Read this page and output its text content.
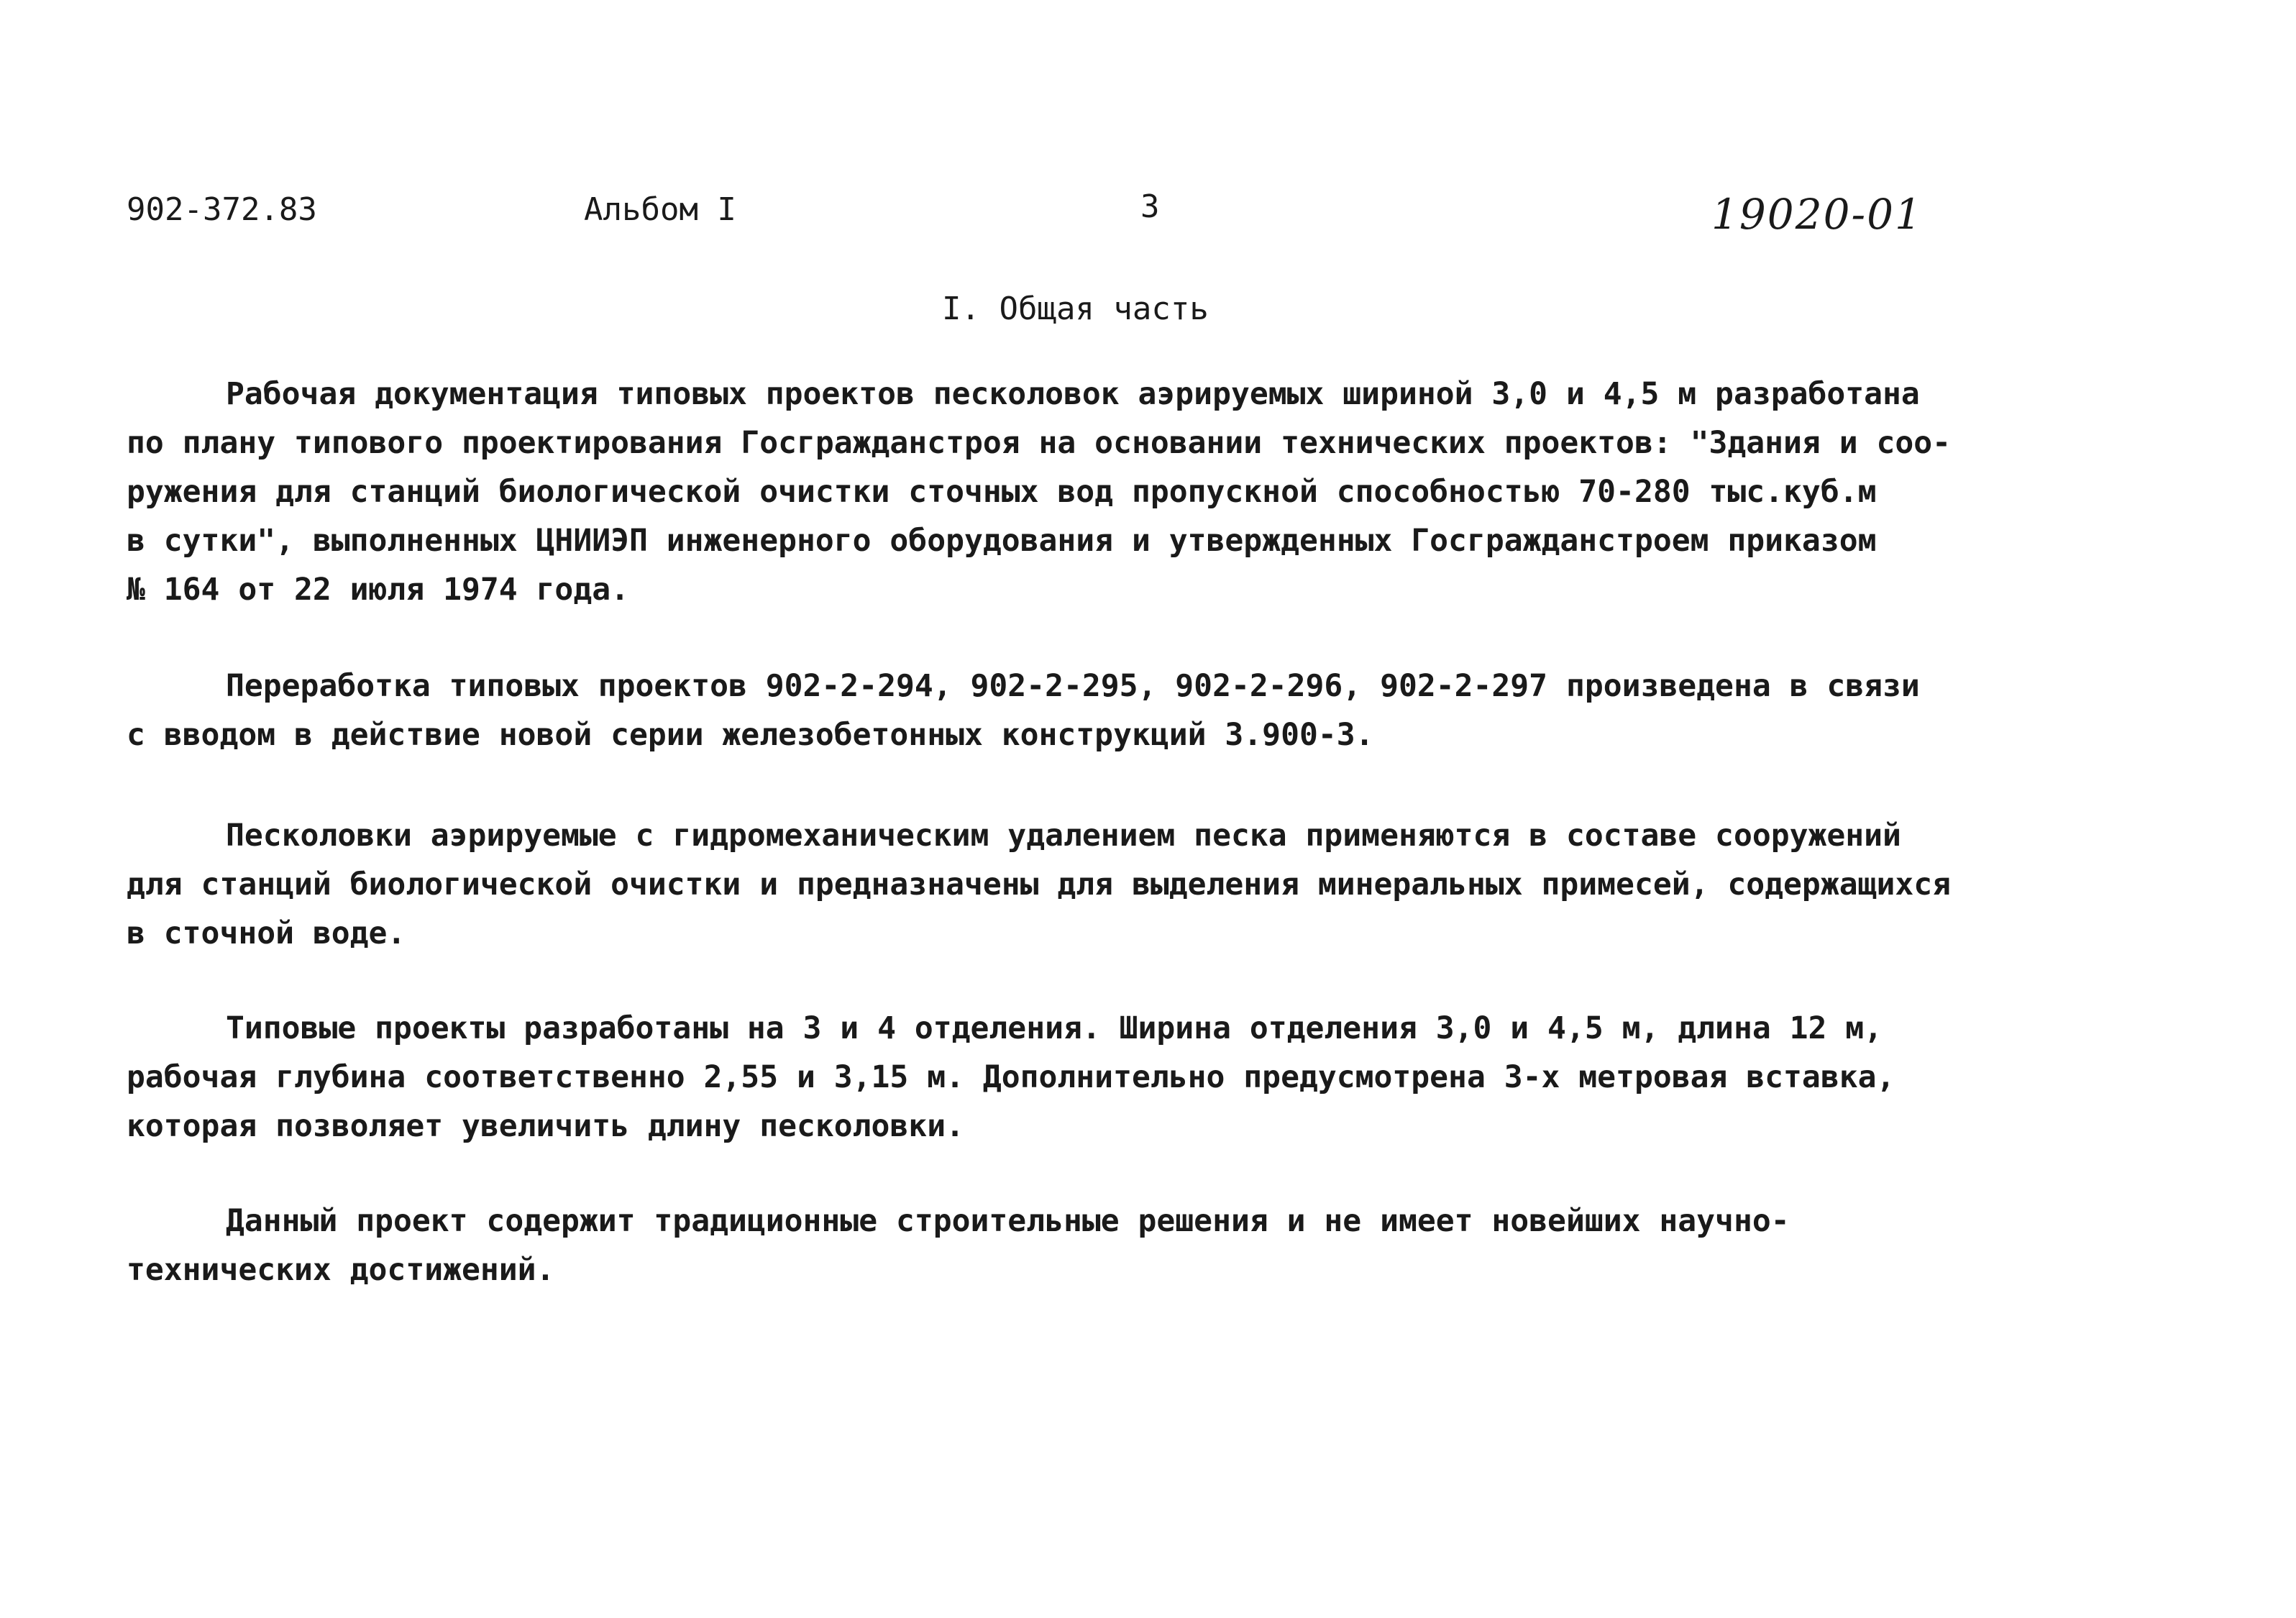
902-372.83	Альбом I	3	19020-01
I. Общая часть

Рабочая документация типовых проектов песколовок аэрируемых шириной 3,0 и 4,5 м разработана
по плану типового проектирования Госгражданстроя на основании технических проектов: "Здания и соо-
ружения для станций биологической очистки сточных вод пропускной способностью 70-280 тыс.куб.м
в сутки", выполненных ЦНИИЭП инженерного оборудования и утвержденных Госгражданстроем приказом
№ 164 от 22 июля 1974 года.

Переработка типовых проектов 902-2-294, 902-2-295, 902-2-296, 902-2-297 произведена в связи
с вводом в действие новой серии железобетонных конструкций 3.900-3.

Песколовки аэрируемые с гидромеханическим удалением песка применяются в составе сооружений
для станций биологической очистки и предназначены для выделения минеральных примесей, содержащихся
в сточной воде.

Типовые проекты разработаны на 3 и 4 отделения. Ширина отделения 3,0 и 4,5 м, длина 12 м,
рабочая глубина соответственно 2,55 и 3,15 м. Дополнительно предусмотрена 3-х метровая вставка,
которая позволяет увеличить длину песколовки.

Данный проект содержит традиционные строительные решения и не имеет новейших научно-
технических достижений.
